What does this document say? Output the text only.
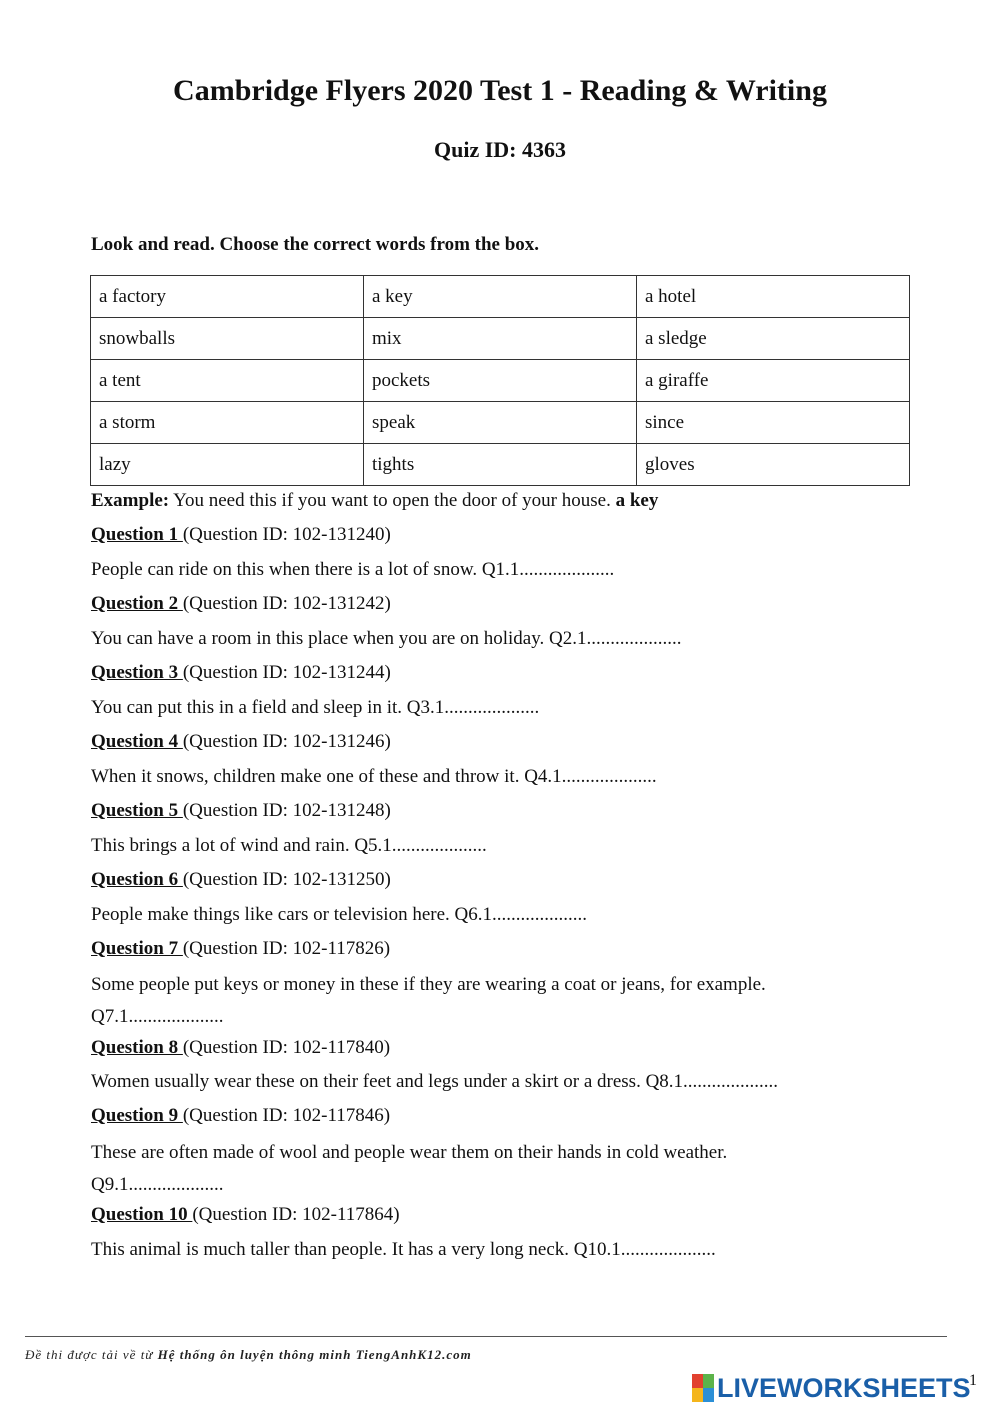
Cambridge Flyers 2020 Test 1 - Reading & Writing
Quiz ID: 4363

Look and read. Choose the correct words from the box.

a factory	a key	a hotel
snowballs	mix	a sledge
a tent	pockets	a giraffe
a storm	speak	since
lazy	tights	gloves

Example: You need this if you want to open the door of your house. a key

Question 1 (Question ID: 102-131240)

People can ride on this when there is a lot of snow. Q1.1....................

Question 2 (Question ID: 102-131242)

You can have a room in this place when you are on holiday. Q2.1....................

Question 3 (Question ID: 102-131244)

You can put this in a field and sleep in it. Q3.1....................

Question 4 (Question ID: 102-131246)

When it snows, children make one of these and throw it. Q4.1....................

Question 5 (Question ID: 102-131248)

This brings a lot of wind and rain. Q5.1....................

Question 6 (Question ID: 102-131250)

People make things like cars or television here. Q6.1....................

Question 7 (Question ID: 102-117826)

Some people put keys or money in these if they are wearing a coat or jeans, for example. Q7.1....................

Question 8 (Question ID: 102-117840)

Women usually wear these on their feet and legs under a skirt or a dress. Q8.1....................

Question 9 (Question ID: 102-117846)

These are often made of wool and people wear them on their hands in cold weather. Q9.1....................

Question 10 (Question ID: 102-117864)

This animal is much taller than people. It has a very long neck. Q10.1....................

Đề thi được tải về từ Hệ thống ôn luyện thông minh TiengAnhK12.com
LIVEWORKSHEETS
1
